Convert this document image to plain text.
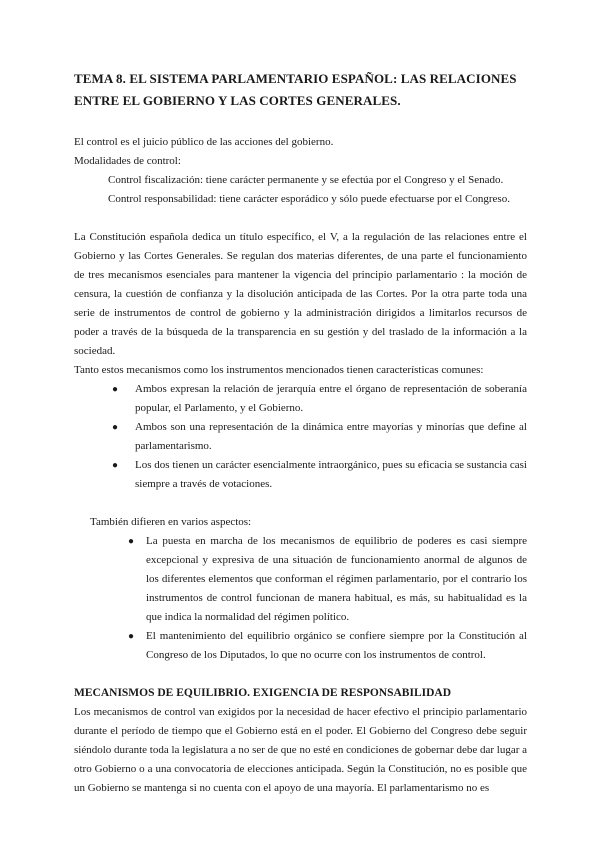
TEMA 8. EL SISTEMA PARLAMENTARIO ESPAÑOL: LAS RELACIONES
ENTRE EL GOBIERNO Y LAS CORTES GENERALES.

El control es el juicio público de las acciones del gobierno.

Modalidades de control:

Control fiscalización: tiene carácter permanente y se efectúa por el Congreso y el Senado.

Control responsabilidad: tiene carácter esporádico y sólo puede efectuarse por el Congreso.

La Constitución española dedica un título específico, el V, a la regulación de las relaciones entre el Gobierno y las Cortes Generales. Se regulan dos materias diferentes, de una parte el funcionamiento de tres mecanismos esenciales para mantener la vigencia del principio parlamentario : la moción de censura, la cuestión de confianza y la disolución anticipada de las Cortes. Por la otra parte toda una serie de instrumentos de control de gobierno y la administración dirigidos a limitarlos recursos de poder a través de la búsqueda de la transparencia en su gestión y del traslado de la información a la sociedad.

Tanto estos mecanismos como los instrumentos mencionados tienen características comunes:

● Ambos expresan la relación de jerarquía entre el órgano de representación de soberanía popular, el Parlamento, y el Gobierno.
● Ambos son una representación de la dinámica entre mayorías y minorías que define al parlamentarismo.
● Los dos tienen un carácter esencialmente intraorgánico, pues su eficacia se sustancia casi siempre a través de votaciones.

También difieren en varios aspectos:

● La puesta en marcha de los mecanismos de equilibrio de poderes es casi siempre excepcional y expresiva de una situación de funcionamiento anormal de algunos de los diferentes elementos que conforman el régimen parlamentario, por el contrario los instrumentos de control funcionan de manera habitual, es más, su habitualidad es la que indica la normalidad del régimen político.
● El mantenimiento del equilibrio orgánico se confiere siempre por la Constitución al Congreso de los Diputados, lo que no ocurre con los instrumentos de control.

MECANISMOS DE EQUILIBRIO. EXIGENCIA DE RESPONSABILIDAD

Los mecanismos de control van exigidos por la necesidad de hacer efectivo el principio parlamentario durante el período de tiempo que el Gobierno está en el poder. El Gobierno del Congreso debe seguir siéndolo durante toda la legislatura a no ser de que no esté en condiciones de gobernar debe dar lugar a otro Gobierno o a una convocatoria de elecciones anticipada. Según la Constitución, no es posible que un Gobierno se mantenga si no cuenta con el apoyo de una mayoría. El parlamentarismo no es
